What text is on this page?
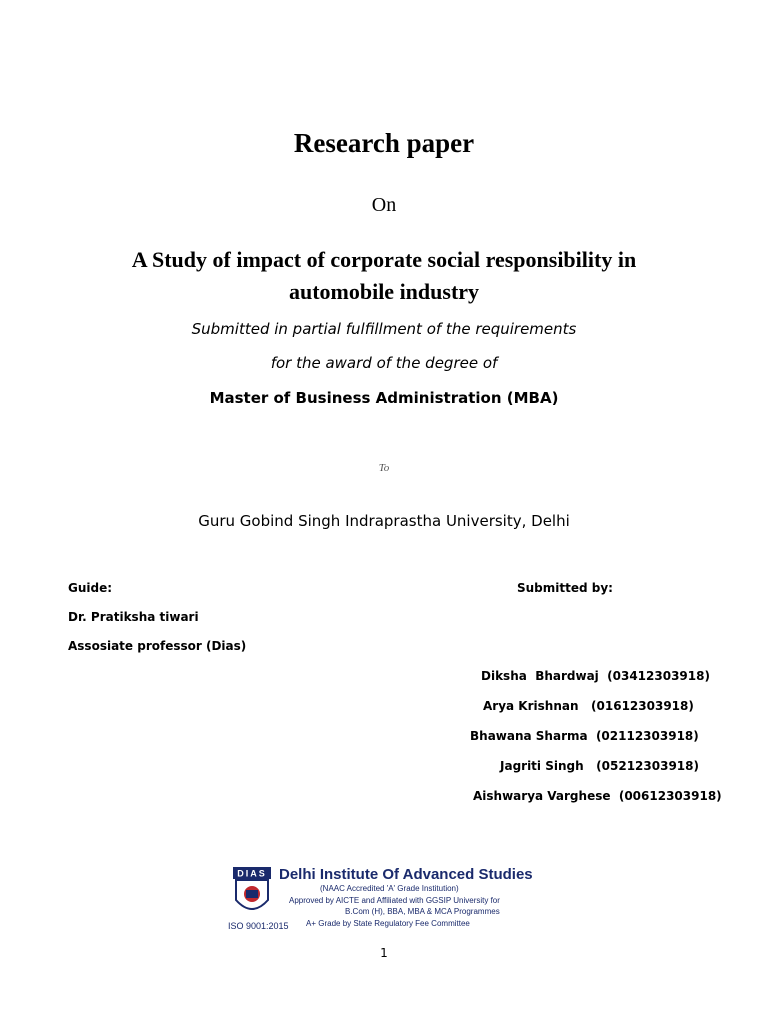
Research paper
On
A Study of impact of corporate social responsibility in
automobile industry
Submitted in partial fulfillment of the requirements
for the award of the degree of
Master of Business Administration (MBA)
To
Guru Gobind Singh Indraprastha University, Delhi
Guide:
Dr. Pratiksha tiwari
Assosiate professor (Dias)
Submitted by:
Diksha  Bhardwaj  (03412303918)
Arya Krishnan   (01612303918)
Bhawana Sharma  (02112303918)
Jagriti Singh   (05212303918)
Aishwarya Varghese  (00612303918)
DIAS Delhi Institute Of Advanced Studies
(NAAC Accredited 'A' Grade Institution)
Approved by AICTE and Affiliated with GGSIP University for
B.Com (H), BBA, MBA & MCA Programmes
A+ Grade by State Regulatory Fee Committee
ISO 9001:2015
1
